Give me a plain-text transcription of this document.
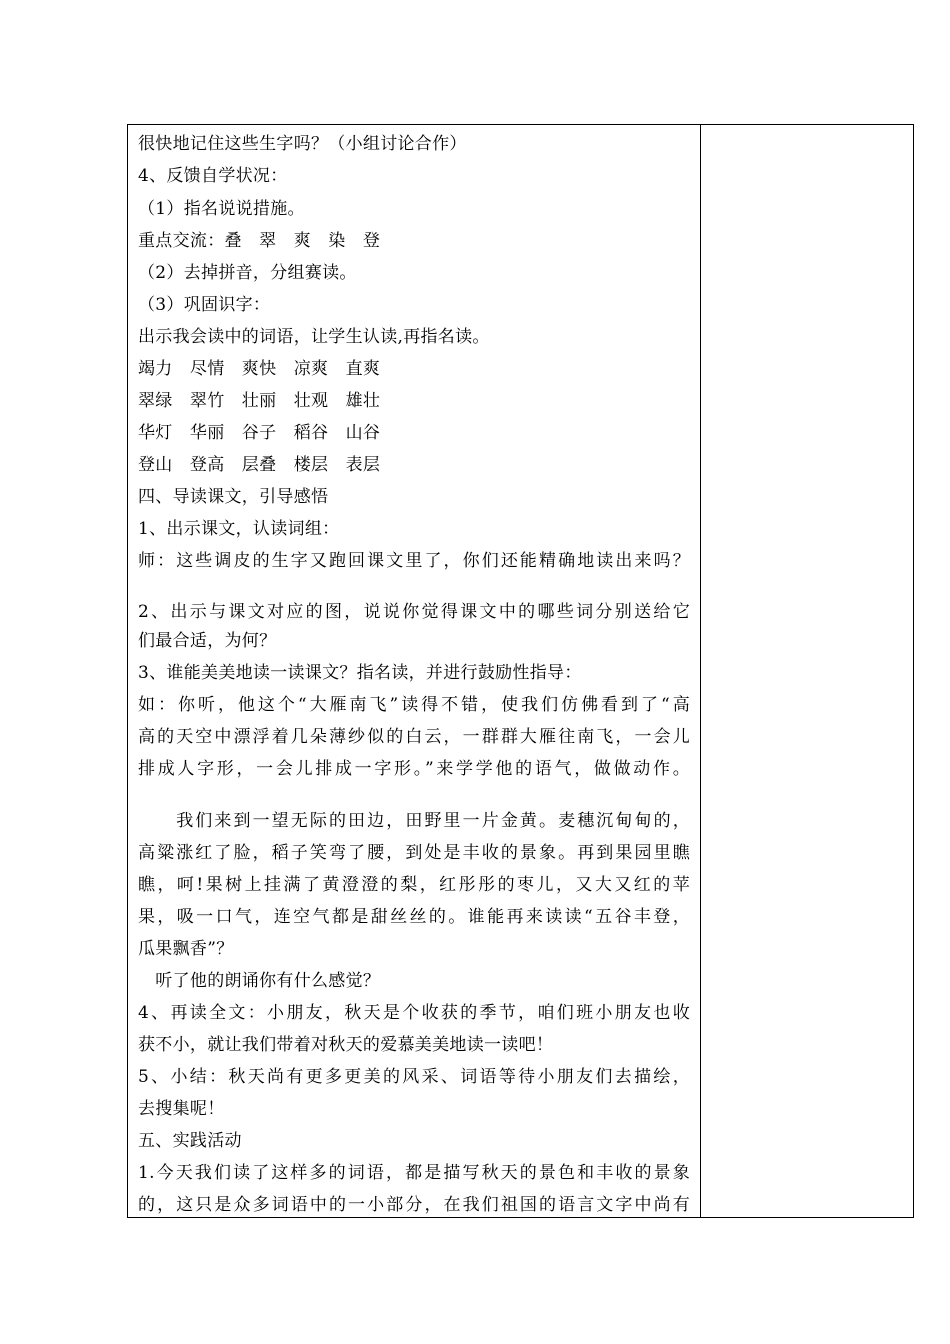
很快地记住这些生字吗？（小组讨论合作）
4、反馈自学状况：
（1）指名说说措施。
重点交流：叠　翠　爽　染　登
（2）去掉拼音，分组赛读。
（3）巩固识字：
出示我会读中的词语，让学生认读,再指名读。
竭力　尽情　爽快　凉爽　直爽
翠绿　翠竹　壮丽　壮观　雄壮
华灯　华丽　谷子　稻谷　山谷
登山　登高　层叠　楼层　表层
四、导读课文，引导感悟
1、出示课文，认读词组：
师：这些调皮的生字又跑回课文里了，你们还能精确地读出来吗？
2、出示与课文对应的图，说说你觉得课文中的哪些词分别送给它
们最合适，为何？
3、谁能美美地读一读课文？指名读，并进行鼓励性指导：
如：你听，他这个“大雁南飞”读得不错，使我们仿佛看到了“高
高的天空中漂浮着几朵薄纱似的白云，一群群大雁往南飞，一会儿
排成人字形，一会儿排成一字形。”来学学他的语气，做做动作。
　　我们来到一望无际的田边，田野里一片金黄。麦穗沉甸甸的，
高粱涨红了脸，稻子笑弯了腰，到处是丰收的景象。再到果园里瞧
瞧，呵!果树上挂满了黄澄澄的梨，红彤彤的枣儿，又大又红的苹
果，吸一口气，连空气都是甜丝丝的。谁能再来读读“五谷丰登，
瓜果飘香”？
　听了他的朗诵你有什么感觉？
4、再读全文：小朋友，秋天是个收获的季节，咱们班小朋友也收
获不小，就让我们带着对秋天的爱慕美美地读一读吧！
5、小结：秋天尚有更多更美的风采、词语等待小朋友们去描绘，
去搜集呢！
五、实践活动
1.今天我们读了这样多的词语，都是描写秋天的景色和丰收的景象
的，这只是众多词语中的一小部分，在我们祖国的语言文字中尚有
